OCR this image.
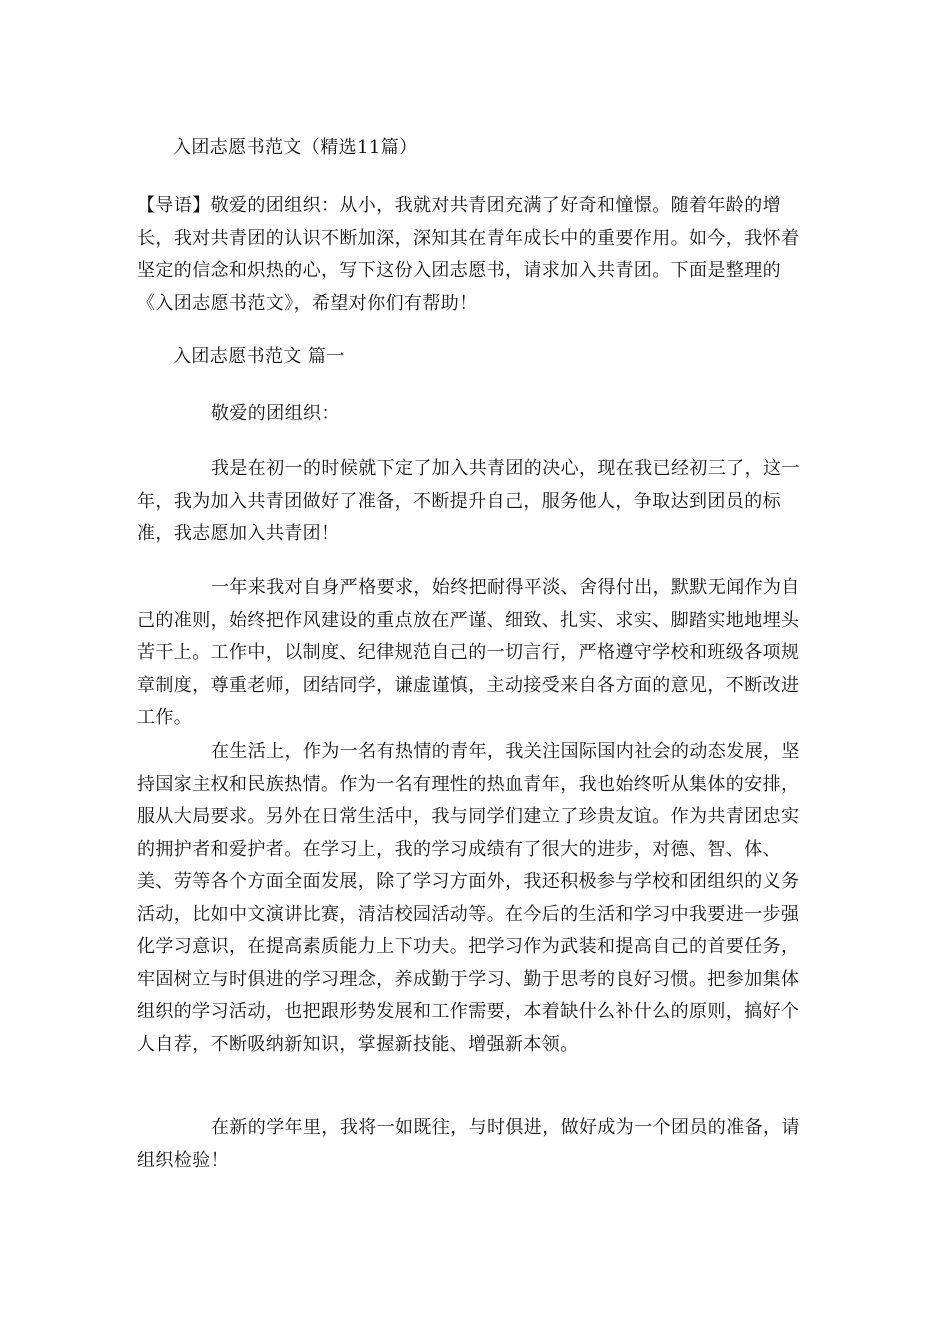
入团志愿书范文（精选11篇）

【导语】敬爱的团组织：从小，我就对共青团充满了好奇和憧憬。随着年龄的增长，我对共青团的认识不断加深，深知其在青年成长中的重要作用。如今，我怀着坚定的信念和炽热的心，写下这份入团志愿书，请求加入共青团。下面是整理的《入团志愿书范文》，希望对你们有帮助！

入团志愿书范文 篇一

敬爱的团组织：

我是在初一的时候就下定了加入共青团的决心，现在我已经初三了，这一年，我为加入共青团做好了准备，不断提升自己，服务他人，争取达到团员的标准，我志愿加入共青团！

一年来我对自身严格要求，始终把耐得平淡、舍得付出，默默无闻作为自己的准则，始终把作风建设的重点放在严谨、细致、扎实、求实、脚踏实地地埋头苦干上。工作中，以制度、纪律规范自己的一切言行，严格遵守学校和班级各项规章制度，尊重老师，团结同学，谦虚谨慎，主动接受来自各方面的意见，不断改进工作。

在生活上，作为一名有热情的青年，我关注国际国内社会的动态发展，坚持国家主权和民族热情。作为一名有理性的热血青年，我也始终听从集体的安排，服从大局要求。另外在日常生活中，我与同学们建立了珍贵友谊。作为共青团忠实的拥护者和爱护者。在学习上，我的学习成绩有了很大的进步，对德、智、体、美、劳等各个方面全面发展，除了学习方面外，我还积极参与学校和团组织的义务活动，比如中文演讲比赛，清洁校园活动等。在今后的生活和学习中我要进一步强化学习意识，在提高素质能力上下功夫。把学习作为武装和提高自己的首要任务，牢固树立与时俱进的学习理念，养成勤于学习、勤于思考的良好习惯。把参加集体组织的学习活动，也把跟形势发展和工作需要，本着缺什么补什么的原则，搞好个人自荐，不断吸纳新知识，掌握新技能、增强新本领。

在新的学年里，我将一如既往，与时俱进，做好成为一个团员的准备，请组织检验！
